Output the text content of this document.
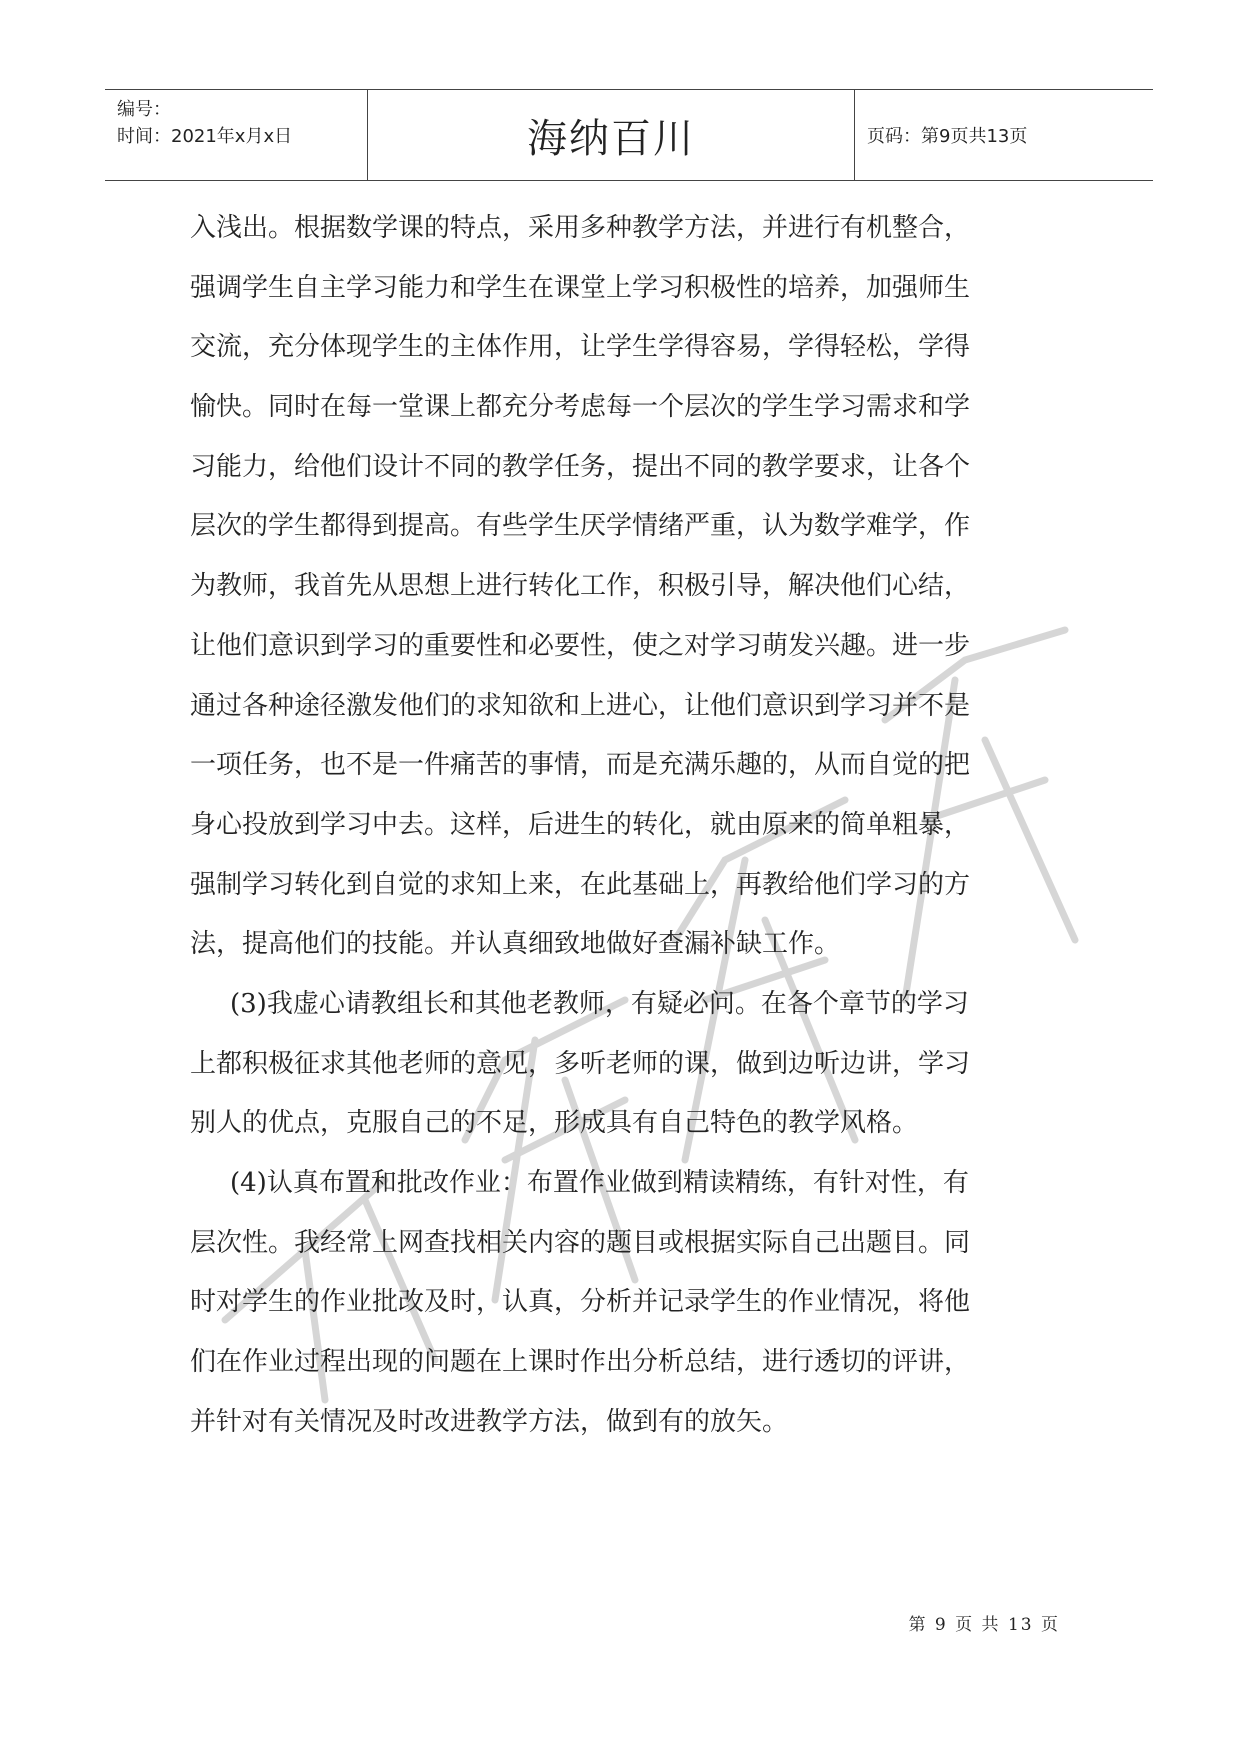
编号：
时间：2021年x月x日	海纳百川	页码：第9页共13页
入浅出。根据数学课的特点，采用多种教学方法，并进行有机整合，
强调学生自主学习能力和学生在课堂上学习积极性的培养，加强师生
交流，充分体现学生的主体作用，让学生学得容易，学得轻松，学得
愉快。同时在每一堂课上都充分考虑每一个层次的学生学习需求和学
习能力，给他们设计不同的教学任务，提出不同的教学要求，让各个
层次的学生都得到提高。有些学生厌学情绪严重，认为数学难学，作
为教师，我首先从思想上进行转化工作，积极引导，解决他们心结，
让他们意识到学习的重要性和必要性，使之对学习萌发兴趣。进一步
通过各种途径激发他们的求知欲和上进心，让他们意识到学习并不是
一项任务，也不是一件痛苦的事情，而是充满乐趣的，从而自觉的把
身心投放到学习中去。这样，后进生的转化，就由原来的简单粗暴，
强制学习转化到自觉的求知上来，在此基础上，再教给他们学习的方
法，提高他们的技能。并认真细致地做好查漏补缺工作。
(3)我虚心请教组长和其他老教师，有疑必问。在各个章节的学习
上都积极征求其他老师的意见，多听老师的课，做到边听边讲，学习
别人的优点，克服自己的不足，形成具有自己特色的教学风格。
(4)认真布置和批改作业：布置作业做到精读精练，有针对性，有
层次性。我经常上网查找相关内容的题目或根据实际自己出题目。同
时对学生的作业批改及时，认真，分析并记录学生的作业情况，将他
们在作业过程出现的问题在上课时作出分析总结，进行透切的评讲，
并针对有关情况及时改进教学方法，做到有的放矢。
第 9 页 共 13 页
